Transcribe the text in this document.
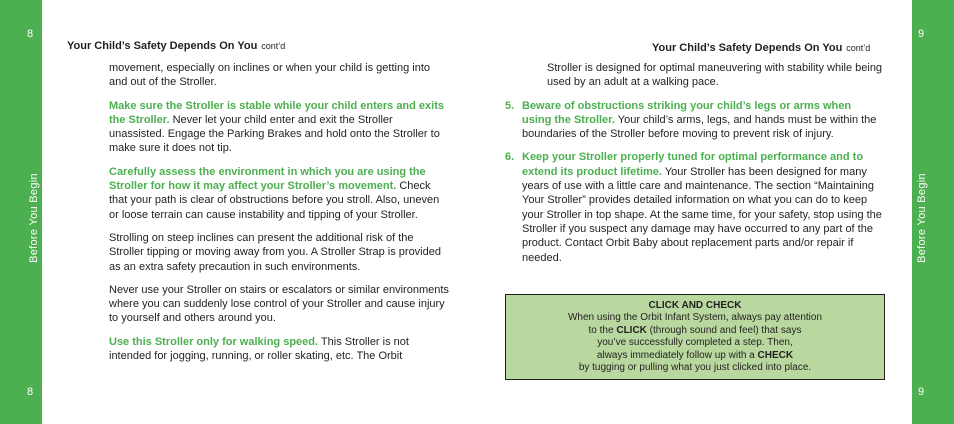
8
8
Before You Begin
9
9
Before You Begin
Your Child’s Safety Depends On You cont’d

movement, especially on inclines or when your child is getting into and out of the Stroller.

Make sure the Stroller is stable while your child enters and exits the Stroller. Never let your child enter and exit the Stroller unassisted. Engage the Parking Brakes and hold onto the Stroller to make sure it does not tip.

Carefully assess the environment in which you are using the Stroller for how it may affect your Stroller’s movement. Check that your path is clear of obstructions before you stroll. Also, uneven or loose terrain can cause instability and tipping of your Stroller.

Strolling on steep inclines can present the additional risk of the Stroller tipping or moving away from you. A Stroller Strap is provided as an extra safety precaution in such environments.

Never use your Stroller on stairs or escalators or similar environments where you can suddenly lose control of your Stroller and cause injury to yourself and others around you.

Use this Stroller only for walking speed. This Stroller is not intended for jogging, running, or roller skating, etc. The Orbit

Your Child’s Safety Depends On You cont’d

Stroller is designed for optimal maneuvering with stability while being used by an adult at a walking pace.

5. Beware of obstructions striking your child’s legs or arms when using the Stroller. Your child’s arms, legs, and hands must be within the boundaries of the Stroller before moving to prevent risk of injury.
6. Keep your Stroller properly tuned for optimal performance and to extend its product lifetime. Your Stroller has been designed for many years of use with a little care and maintenance. The section “Maintaining Your Stroller” provides detailed information on what you can do to keep your Stroller in top shape. At the same time, for your safety, stop using the Stroller if you suspect any damage may have occurred to any part of the product. Contact Orbit Baby about replacement parts and/or repair if needed.
CLICK AND CHECK
When using the Orbit Infant System, always pay attention
to the CLICK (through sound and feel) that says
you’ve successfully completed a step. Then,
always immediately follow up with a CHECK
by tugging or pulling what you just clicked into place.
